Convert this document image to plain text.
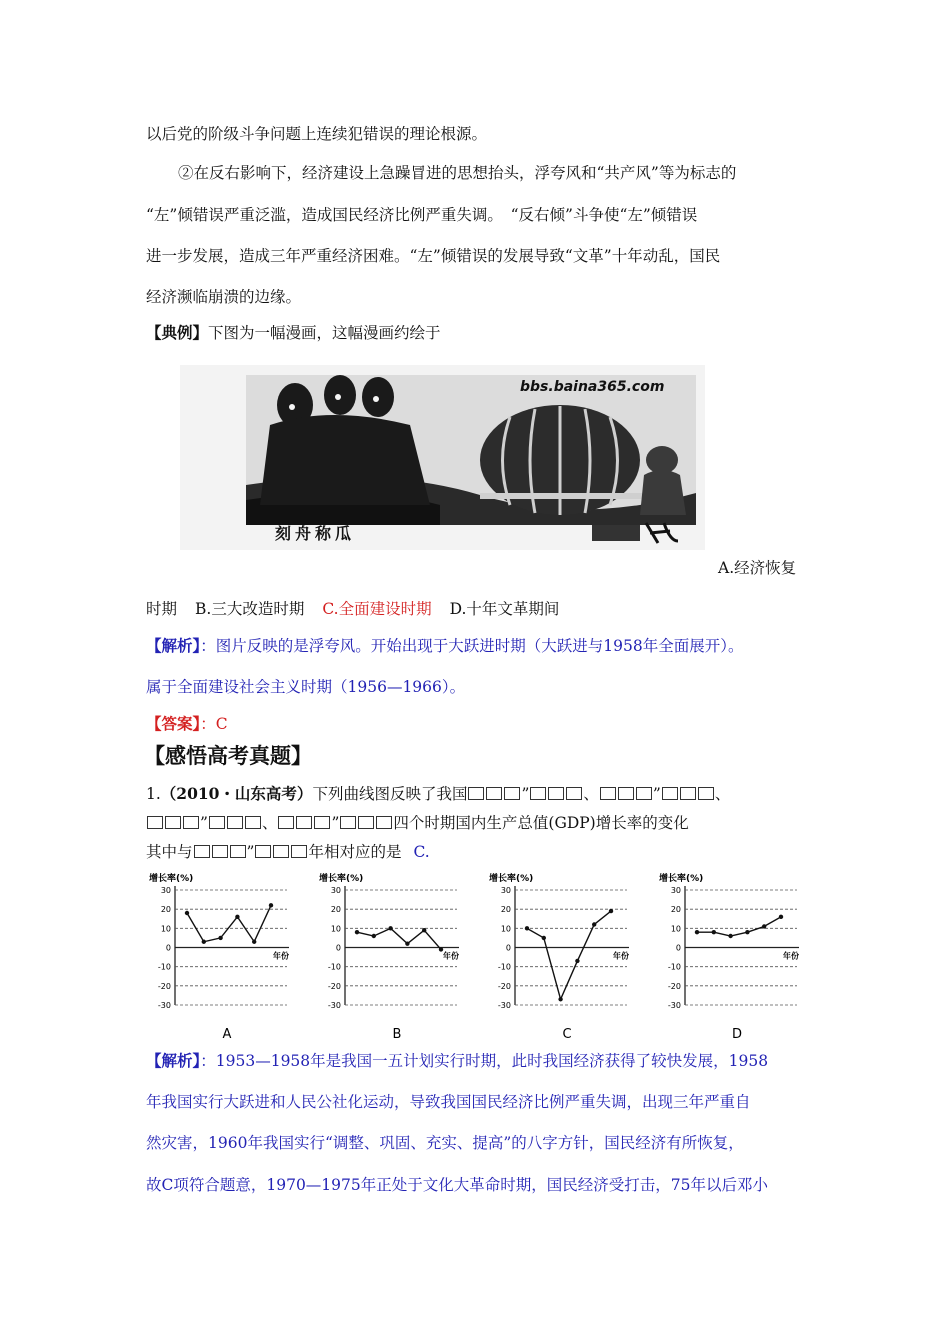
以后党的阶级斗争问题上连续犯错误的理论根源。
②在反右影响下，经济建设上急躁冒进的思想抬头，浮夸风和“共产风”等为标志的
“左”倾错误严重泛滥，造成国民经济比例严重失调。　“反右倾”斗争使“左”倾错误
进一步发展，造成三年严重经济困难。“左”倾错误的发展导致“文革”十年动乱，国民
经济濒临崩溃的边缘。
【典例】下图为一幅漫画，这幅漫画约绘于
bbs.baina365.com
刻舟称瓜
A.经济恢复
时期 B.三大改造时期 C.全面建设时期 D.十年文革期间
【解析】：图片反映的是浮夸风。开始出现于大跃进时期（大跃进与1958年全面展开）。
属于全面建设社会主义时期（1956—1966）。
【答案】：C
【感悟高考真题】
1.（2010・山东高考）下列曲线图反映了我国	”	、	”	、
”	、	”	四个时期国内生产总值(GDP)增长率的变化
其中与	”	年相对应的是 C.
增长率(%)
30
20
10
0
-10
-20
-30
年份
A
增长率(%)
30
20
10
0
-10
-20
-30
年份
B
增长率(%)
30
20
10
0
-10
-20
-30
年份
C
增长率(%)
30
20
10
0
-10
-20
-30
年份
D
【解析】：1953—1958年是我国一五计划实行时期，此时我国经济获得了较快发展，1958
年我国实行大跃进和人民公社化运动，导致我国国民经济比例严重失调，出现三年严重自
然灾害，1960年我国实行“调整、巩固、充实、提高”的八字方针，国民经济有所恢复，
故C项符合题意，1970—1975年正处于文化大革命时期，国民经济受打击，75年以后邓小
